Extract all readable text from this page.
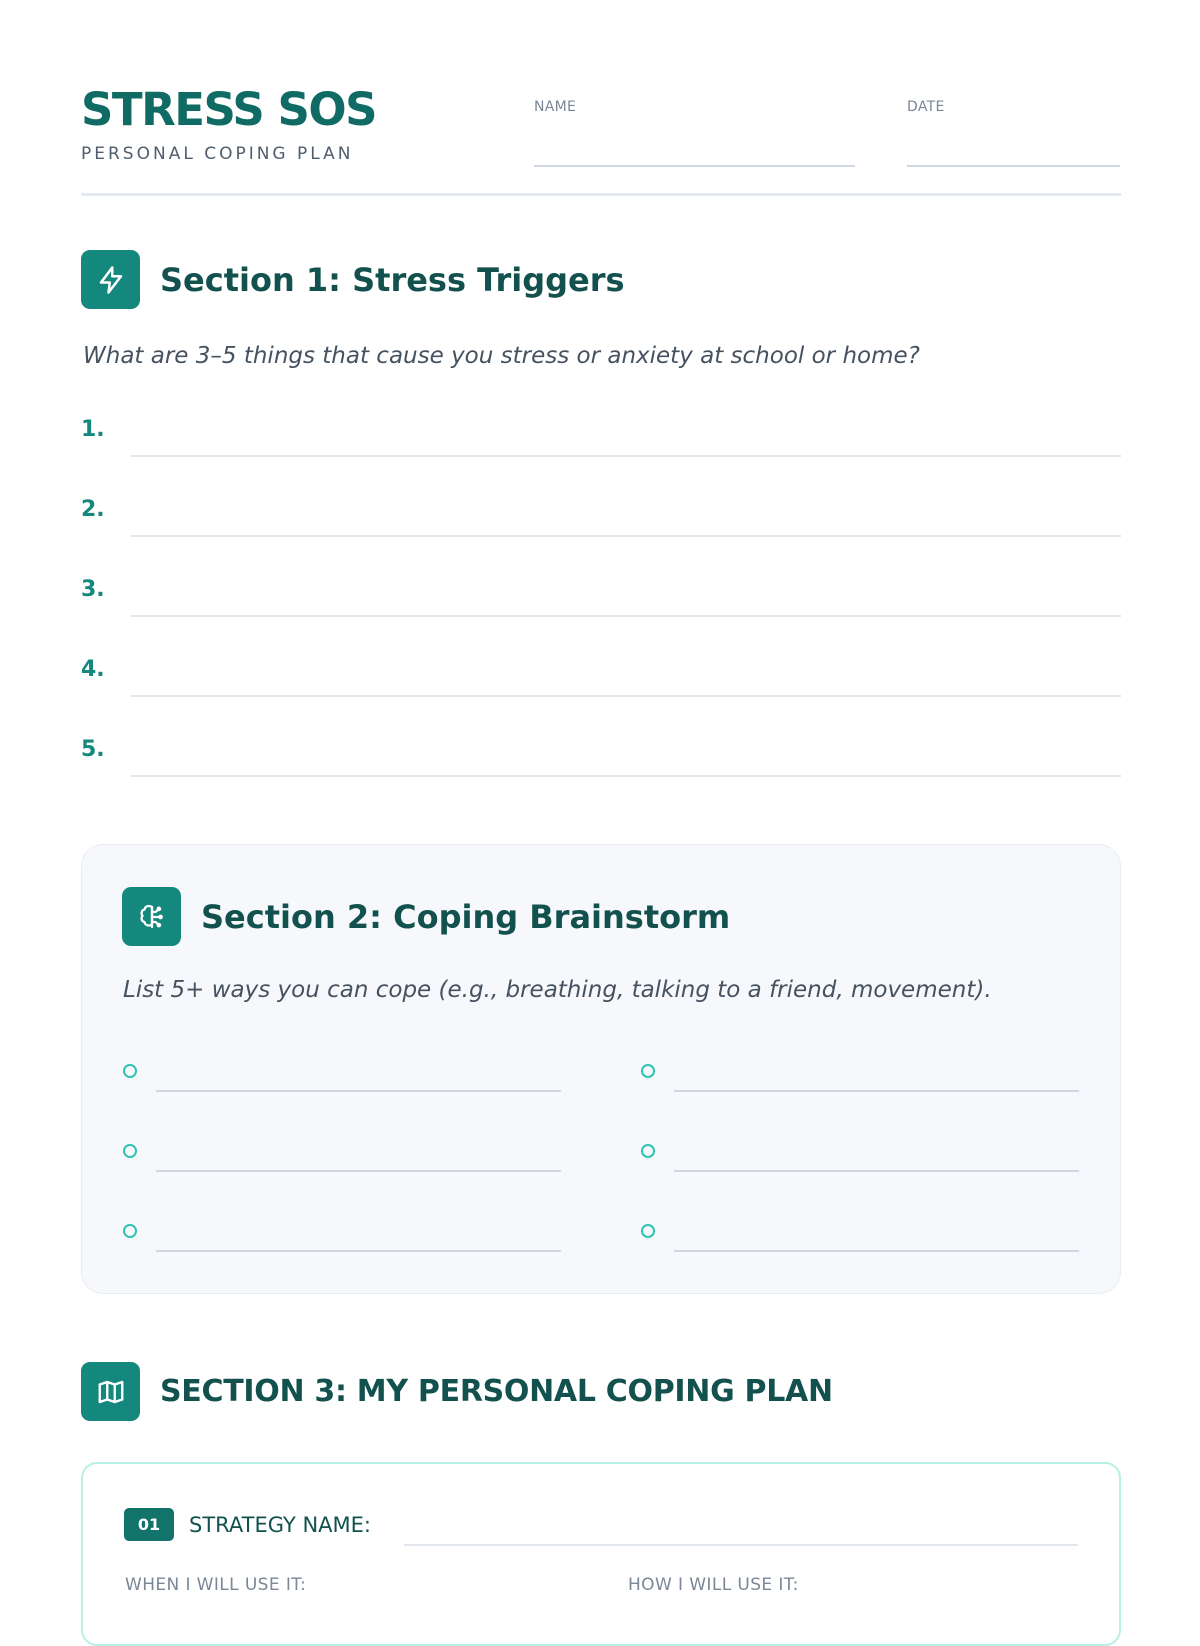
STRESS SOS
PERSONAL COPING PLAN
NAME	DATE
Section 1: Stress Triggers

What are 3–5 things that cause you stress or anxiety at school or home?

1.
2.
3.
4.
5.
Section 2: Coping Brainstorm

List 5+ ways you can cope (e.g., breathing, talking to a friend, movement).

SECTION 3: MY PERSONAL COPING PLAN
01	STRATEGY NAME:
WHEN I WILL USE IT:	HOW I WILL USE IT:
